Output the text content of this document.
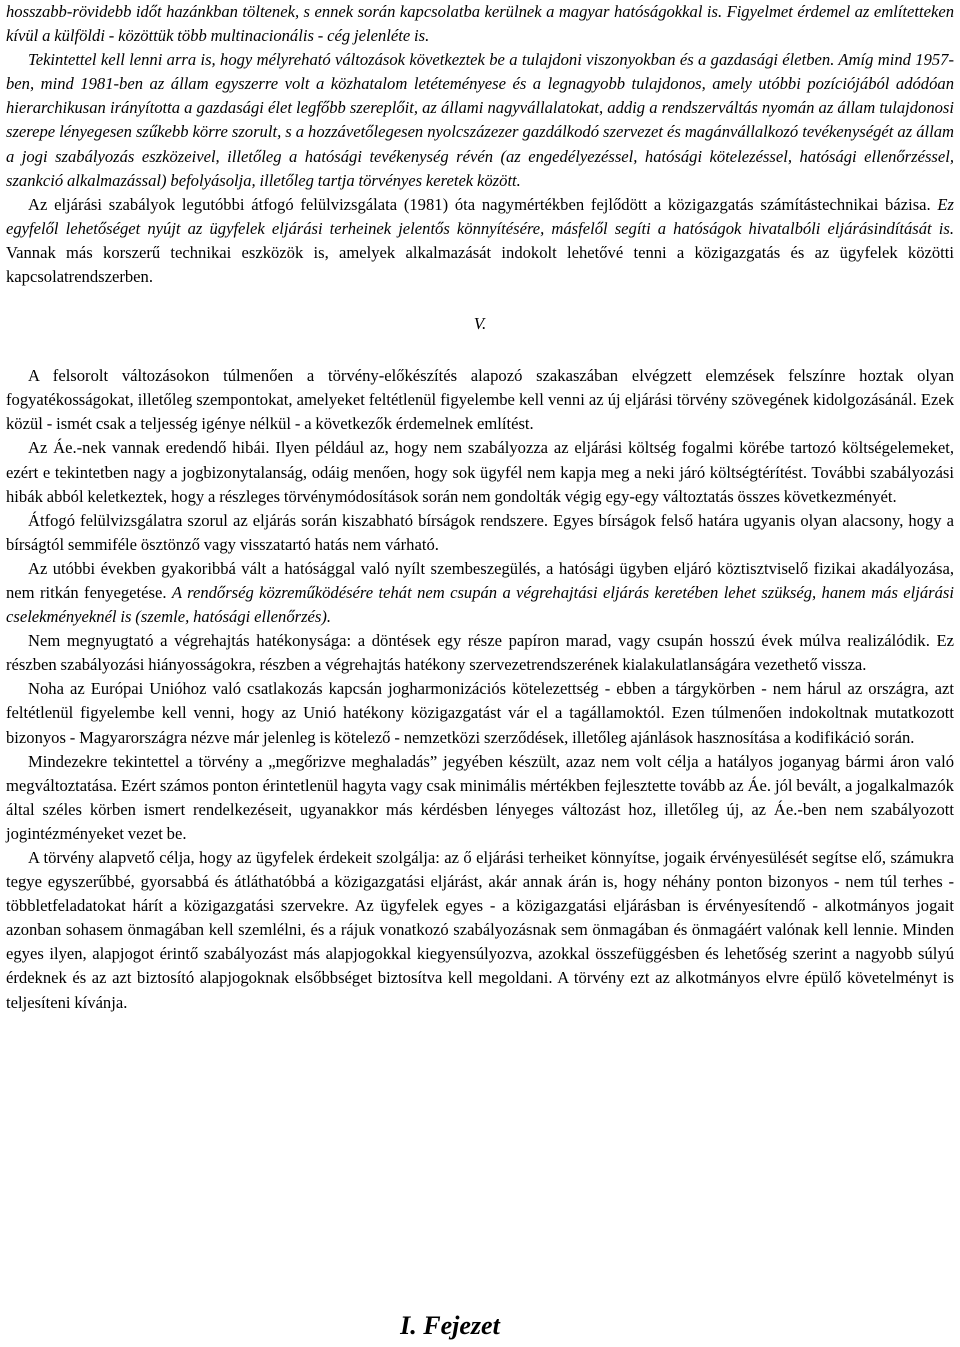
hosszabb-rövidebb időt hazánkban töltenek, s ennek során kapcsolatba kerülnek a magyar hatóságokkal is. Figyelmet érdemel az említetteken kívül a külföldi - közöttük több multinacionális - cég jelenléte is.

Tekintettel kell lenni arra is, hogy mélyreható változások következtek be a tulajdoni viszonyokban és a gazdasági életben. Amíg mind 1957-ben, mind 1981-ben az állam egyszerre volt a közhatalom letéteményese és a legnagyobb tulajdonos, amely utóbbi pozíciójából adódóan hierarchikusan irányította a gazdasági élet legfőbb szereplőit, az állami nagyvállalatokat, addig a rendszerváltás nyomán az állam tulajdonosi szerepe lényegesen szűkebb körre szorult, s a hozzávetőlegesen nyolcszázezer gazdálkodó szervezet és magánvállalkozó tevékenységét az állam a jogi szabályozás eszközeivel, illetőleg a hatósági tevékenység révén (az engedélyezéssel, hatósági kötelezéssel, hatósági ellenőrzéssel, szankció alkalmazással) befolyásolja, illetőleg tartja törvényes keretek között.

Az eljárási szabályok legutóbbi átfogó felülvizsgálata (1981) óta nagymértékben fejlődött a közigazgatás számítástechnikai bázisa. Ez egyfelől lehetőséget nyújt az ügyfelek eljárási terheinek jelentős könnyítésére, másfelől segíti a hatóságok hivatalbóli eljárásindítását is. Vannak más korszerű technikai eszközök is, amelyek alkalmazását indokolt lehetővé tenni a közigazgatás és az ügyfelek közötti kapcsolatrendszerben.

V.

A felsorolt változásokon túlmenően a törvény-előkészítés alapozó szakaszában elvégzett elemzések felszínre hoztak olyan fogyatékosságokat, illetőleg szempontokat, amelyeket feltétlenül figyelembe kell venni az új eljárási törvény szövegének kidolgozásánál. Ezek közül - ismét csak a teljesség igénye nélkül - a következők érdemelnek említést.

Az Áe.-nek vannak eredendő hibái. Ilyen például az, hogy nem szabályozza az eljárási költség fogalmi körébe tartozó költségelemeket, ezért e tekintetben nagy a jogbizonytalanság, odáig menően, hogy sok ügyfél nem kapja meg a neki járó költségtérítést. További szabályozási hibák abból keletkeztek, hogy a részleges törvénymódosítások során nem gondolták végig egy-egy változtatás összes következményét.

Átfogó felülvizsgálatra szorul az eljárás során kiszabható bírságok rendszere. Egyes bírságok felső határa ugyanis olyan alacsony, hogy a bírságtól semmiféle ösztönző vagy visszatartó hatás nem várható.

Az utóbbi években gyakoribbá vált a hatósággal való nyílt szembeszegülés, a hatósági ügyben eljáró köztisztviselő fizikai akadályozása, nem ritkán fenyegetése. A rendőrség közreműködésére tehát nem csupán a végrehajtási eljárás keretében lehet szükség, hanem más eljárási cselekményeknél is (szemle, hatósági ellenőrzés).

Nem megnyugtató a végrehajtás hatékonysága: a döntések egy része papíron marad, vagy csupán hosszú évek múlva realizálódik. Ez részben szabályozási hiányosságokra, részben a végrehajtás hatékony szervezetrendszerének kialakulatlanságára vezethető vissza.

Noha az Európai Unióhoz való csatlakozás kapcsán jogharmonizációs kötelezettség - ebben a tárgykörben - nem hárul az országra, azt feltétlenül figyelembe kell venni, hogy az Unió hatékony közigazgatást vár el a tagállamoktól. Ezen túlmenően indokoltnak mutatkozott bizonyos - Magyarországra nézve már jelenleg is kötelező - nemzetközi szerződések, illetőleg ajánlások hasznosítása a kodifikáció során.

Mindezekre tekintettel a törvény a „megőrizve meghaladás” jegyében készült, azaz nem volt célja a hatályos joganyag bármi áron való megváltoztatása. Ezért számos ponton érintetlenül hagyta vagy csak minimális mértékben fejlesztette tovább az Áe. jól bevált, a jogalkalmazók által széles körben ismert rendelkezéseit, ugyanakkor más kérdésben lényeges változást hoz, illetőleg új, az Áe.-ben nem szabályozott jogintézményeket vezet be.

A törvény alapvető célja, hogy az ügyfelek érdekeit szolgálja: az ő eljárási terheiket könnyítse, jogaik érvényesülését segítse elő, számukra tegye egyszerűbbé, gyorsabbá és átláthatóbbá a közigazgatási eljárást, akár annak árán is, hogy néhány ponton bizonyos - nem túl terhes - többletfeladatokat hárít a közigazgatási szervekre. Az ügyfelek egyes - a közigazgatási eljárásban is érvényesítendő - alkotmányos jogait azonban sohasem önmagában kell szemlélni, és a rájuk vonatkozó szabályozásnak sem önmagában és önmagáért valónak kell lennie. Minden egyes ilyen, alapjogot érintő szabályozást más alapjogokkal kiegyensúlyozva, azokkal összefüggésben és lehetőség szerint a nagyobb súlyú érdeknek és az azt biztosító alapjogoknak elsőbbséget biztosítva kell megoldani. A törvény ezt az alkotmányos elvre épülő követelményt is teljesíteni kívánja.

I. Fejezet
